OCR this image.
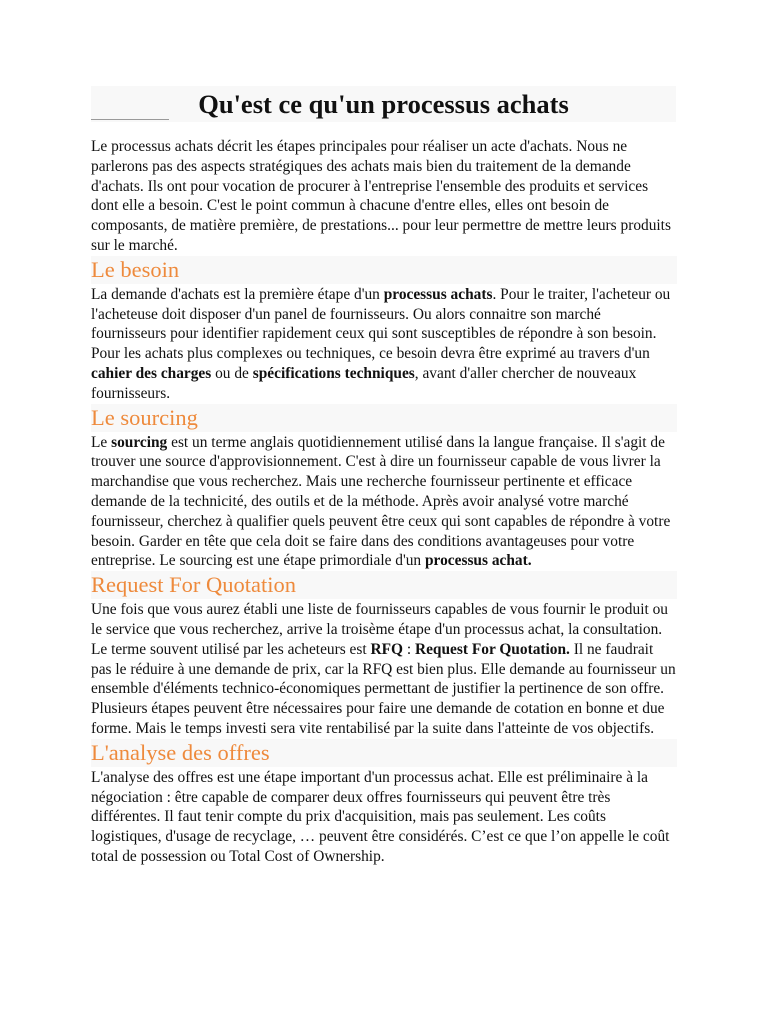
Qu'est ce qu'un processus achats

Le processus achats décrit les étapes principales pour réaliser un acte d'achats. Nous ne parlerons pas des aspects stratégiques des achats mais bien du traitement de la demande d'achats. Ils ont pour vocation de procurer à l'entreprise l'ensemble des produits et services dont elle a besoin. C'est le point commun à chacune d'entre elles, elles ont besoin de composants, de matière première, de prestations... pour leur permettre de mettre leurs produits sur le marché.

Le besoin

La demande d'achats est la première étape d'un processus achats. Pour le traiter, l'acheteur ou l'acheteuse doit disposer d'un panel de fournisseurs. Ou alors connaitre son marché fournisseurs pour identifier rapidement ceux qui sont susceptibles de répondre à son besoin. Pour les achats plus complexes ou techniques, ce besoin devra être exprimé au travers d'un cahier des charges ou de spécifications techniques, avant d'aller chercher de nouveaux fournisseurs.

Le sourcing

Le sourcing est un terme anglais quotidiennement utilisé dans la langue française. Il s'agit de trouver une source d'approvisionnement. C'est à dire un fournisseur capable de vous livrer la marchandise que vous recherchez. Mais une recherche fournisseur pertinente et efficace demande de la technicité, des outils et de la méthode. Après avoir analysé votre marché fournisseur, cherchez à qualifier quels peuvent être ceux qui sont capables de répondre à votre besoin. Garder en tête que cela doit se faire dans des conditions avantageuses pour votre entreprise. Le sourcing est une étape primordiale d'un processus achat.

Request For Quotation

Une fois que vous aurez établi une liste de fournisseurs capables de vous fournir le produit ou le service que vous recherchez, arrive la troisème étape d'un processus achat, la consultation. Le terme souvent utilisé par les acheteurs est RFQ : Request For Quotation. Il ne faudrait pas le réduire à une demande de prix, car la RFQ est bien plus. Elle demande au fournisseur un ensemble d'éléments technico-économiques permettant de justifier la pertinence de son offre. Plusieurs étapes peuvent être nécessaires pour faire une demande de cotation en bonne et due forme. Mais le temps investi sera vite rentabilisé par la suite dans l'atteinte de vos objectifs.

L'analyse des offres

L'analyse des offres est une étape important d'un processus achat. Elle est préliminaire à la négociation : être capable de comparer deux offres fournisseurs qui peuvent être très différentes. Il faut tenir compte du prix d'acquisition, mais pas seulement. Les coûts logistiques, d'usage de recyclage, … peuvent être considérés. C’est ce que l’on appelle le coût total de possession ou Total Cost of Ownership.
